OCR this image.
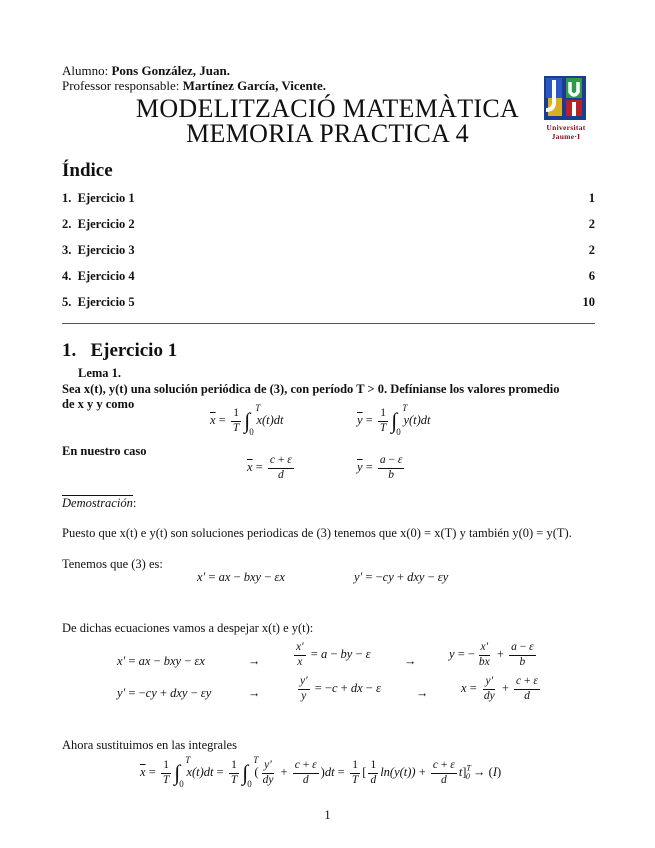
Alumno: Pons González, Juan.
Professor responsable: Martínez García, Vicente.
MODELITZACIÓ MATEMÀTICA
MEMORIA PRACTICA 4	Universitat
Jaume·I
Índice
1. Ejercicio 1	1
2. Ejercicio 2	2
3. Ejercicio 3	2
4. Ejercicio 4	6
5. Ejercicio 5	10
1. Ejercicio 1
Lema 1.
Sea x(t), y(t) una solución periódica de (3), con período T > 0. Defínianse los valores promedio
de x y y como
$\overline{x} = \frac{1}{T}$ ∫ T
0
x(t)dt	$\overline{y} = \frac{1}{T}$ ∫ T
0
y(t)dt
En nuestro caso
$\overline{x} = \frac{c + \varepsilon}{d}$	$\overline{y} = \frac{a - \varepsilon}{b}$
Demostración:
Puesto que x(t) e y(t) son soluciones periodicas de (3) tenemos que x(0) = x(T) y también y(0) = y(T).
Tenemos que (3) es:
x′ = ax − bxy − εx	y′ = −cy + dxy − εy
De dichas ecuaciones vamos a despejar x(t) e y(t):
x′ = ax − bxy − εx	→	$\frac{x'}{x} = a$ − by − ε
→
y = − $\frac{x'}{bx} + \frac{a - \varepsilon}{b}$
y′ = −cy + dxy − εy	→	$\frac{y'}{y} = -c$ + dx − ε	→	$x = \frac{y'}{dy} + \frac{c + \varepsilon}{d}$
Ahora sustituimos en las integrales
$\overline{x} = \frac{1}{T}$ ∫ T
0
$x(t)dt = \frac{1}{T}$ ∫ T
0
( $\frac{y'}{dy} + \frac{c + \varepsilon}{d} )dt = \frac{1}{T}$ [ $\frac{1}{d} \ln(y(t)) + \frac{c + \varepsilon}{d} t]^T_0 \to (I)$
1
